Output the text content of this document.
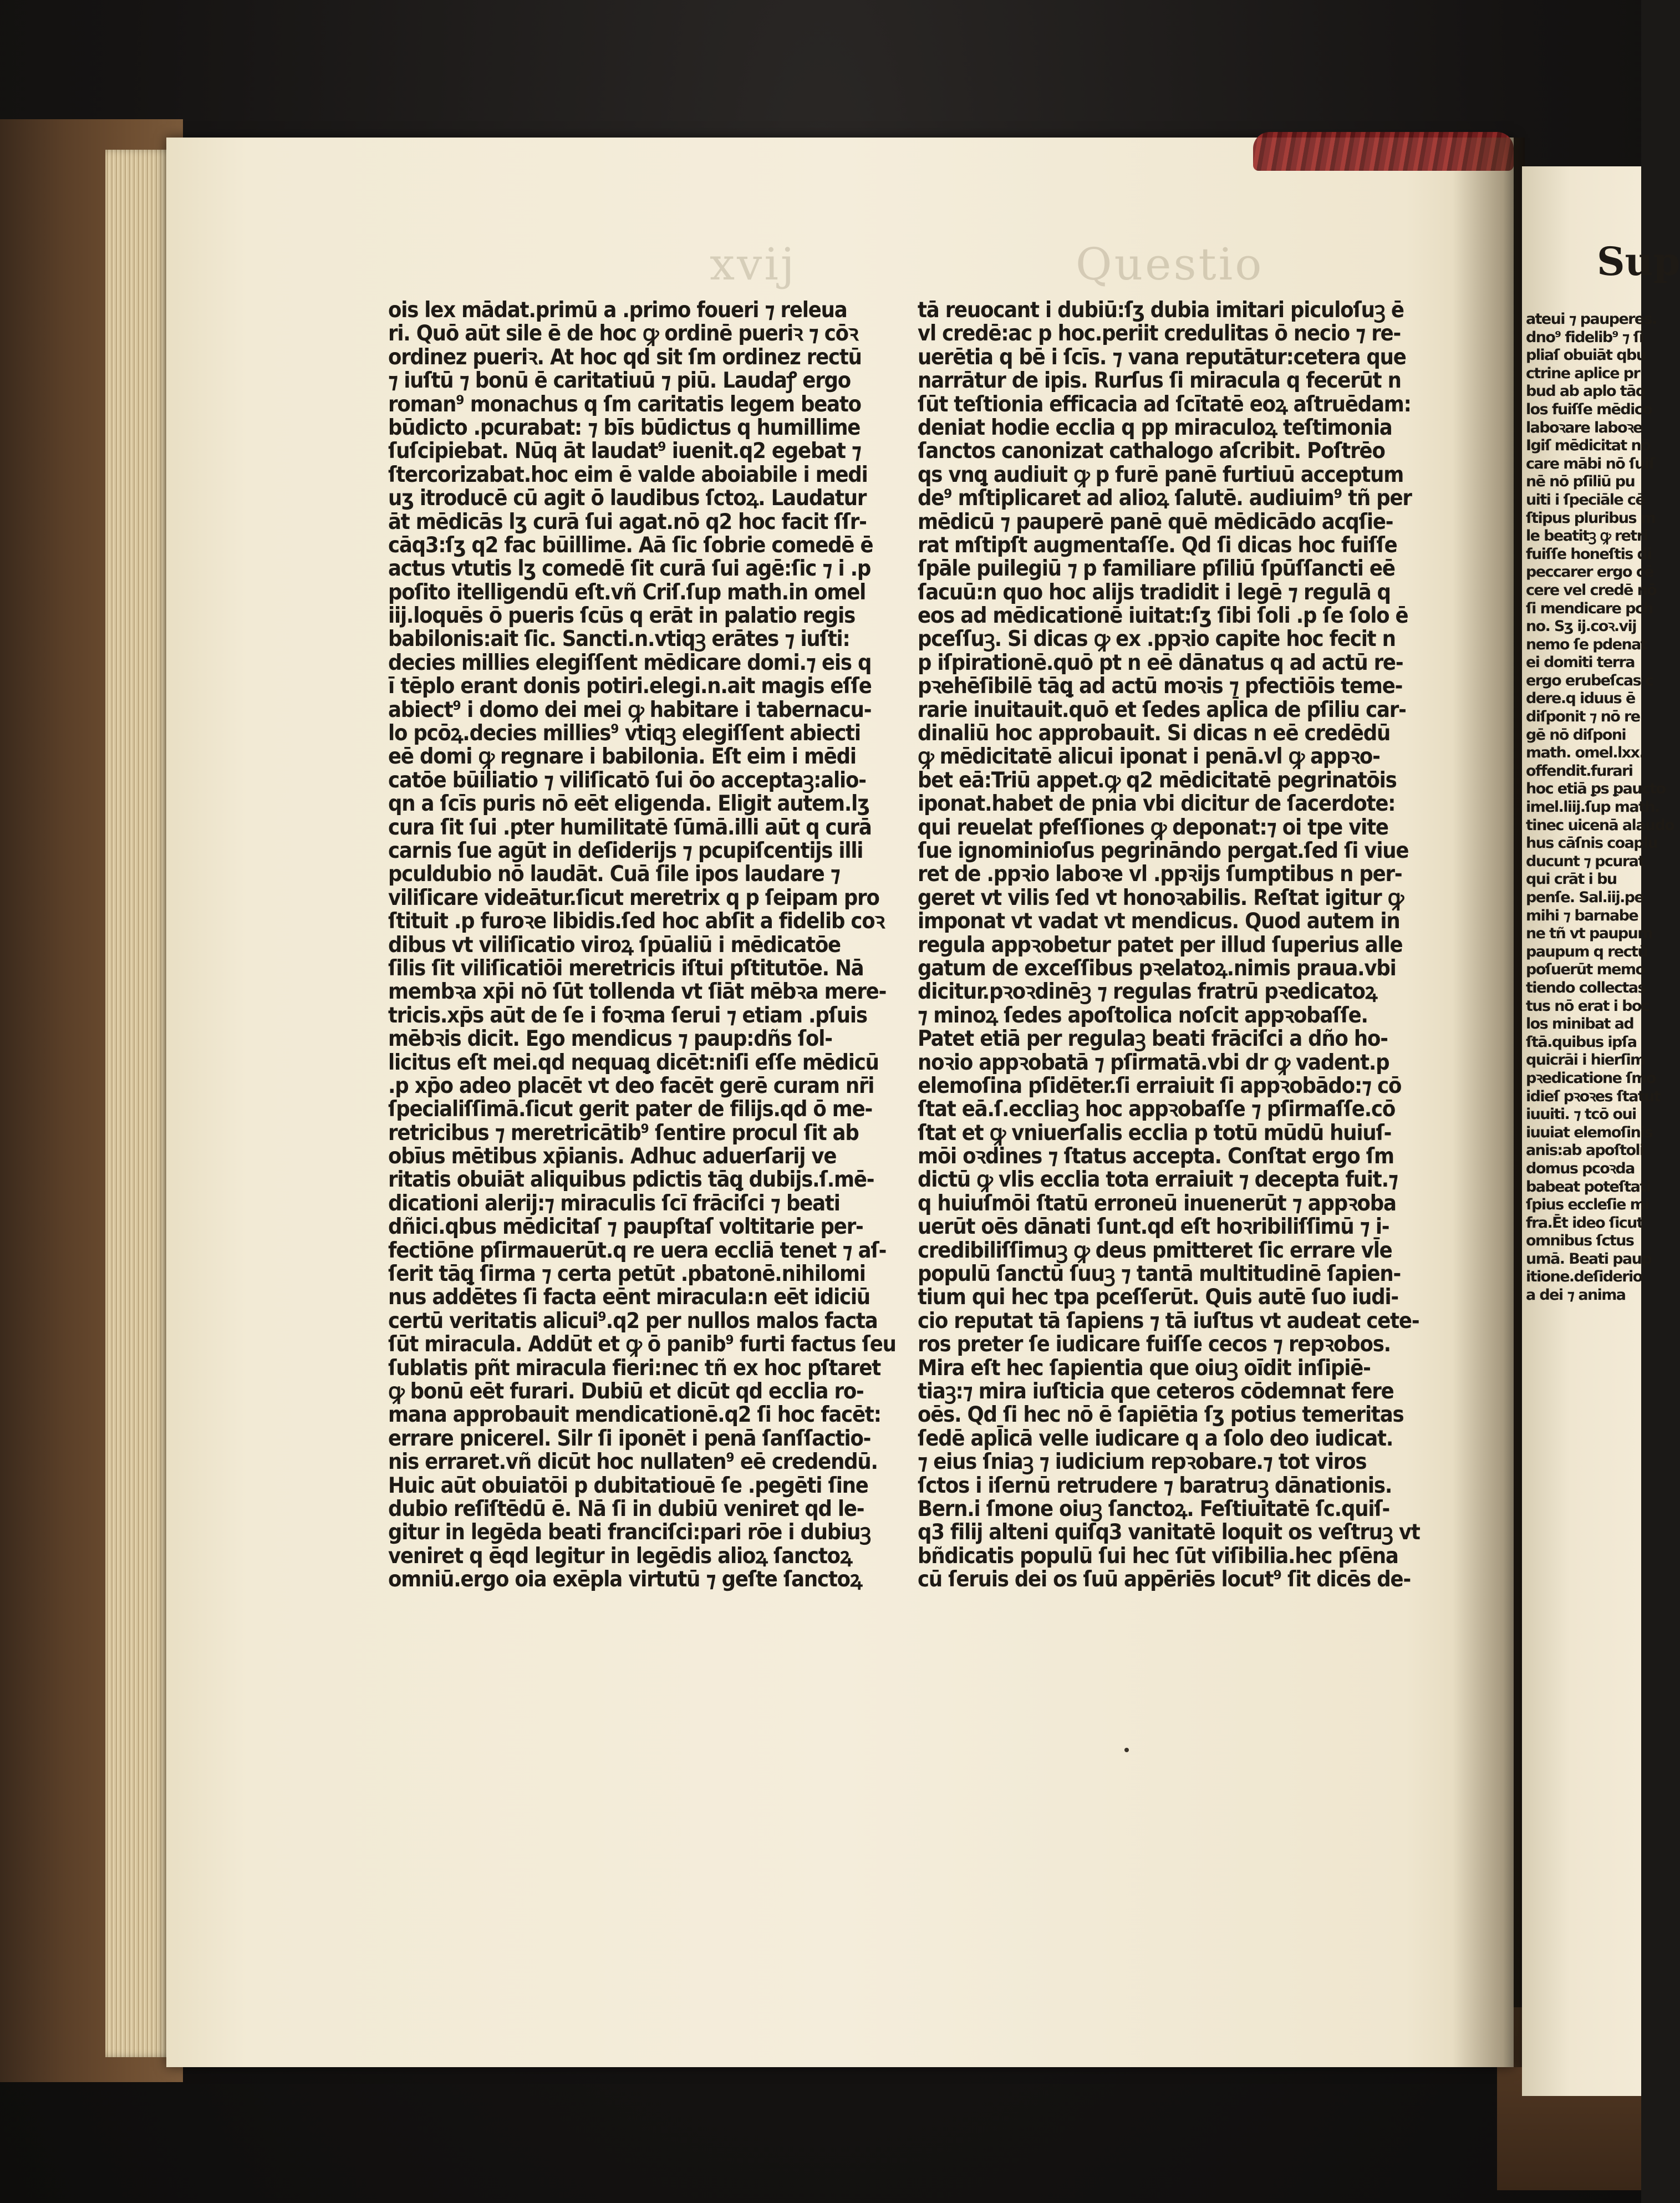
xvij	Questio
ois lex mādat.primū a .primo foueri ⁊ releua
ri. Quō aūt sile ē de hoc ꝙ ordinē pueriꝛ ⁊ cōꝛ
ordinez pueriꝛ. At hoc qd sit ſm ordinez rectū
⁊ iuſtū ⁊ bonū ē caritatiuū ⁊ piū. Laudaꝭ ergo
roman⁹ monachus q ſm caritatis legem beato
būdicto .pcurabat: ⁊ bīs būdictus q humillime
ſuſcipiebat. Nūq āt laudat⁹ iuenit.q2 egebat ⁊
ſtercorizabat.hoc eim ē valde aboiabile i medi
uʒ itroducē cū agit ō laudibus ſctoꝝ. Laudatur
āt mēdicās lʒ curā ſui agat.nō q2 hoc facit ſſr-
cāq3:ſʒ q2 fac būillime. Aā ſic ſobrie comedē ē
actus vtutis lʒ comedē ſit curā ſui agē:ſic ⁊ i .p
poſito itelligendū eſt.vñ Criſ.ſup math.in omel
iij.loquēs ō pueris ſcūs q erāt in palatio regis
babilonis:ait ſic. Sancti.n.vtiqꝫ erātes ⁊ iuſti:
decies millies elegiſſent mēdicare domi.⁊ eis q
ī tēplo erant donis potiri.elegi.n.ait magis eſſe
abiect⁹ i domo dei mei ꝙ habitare i tabernacu-
lo pcōꝝ.decies millies⁹ vtiqꝫ elegiſſent abiecti
eē domi ꝙ regnare i babilonia. Eſt eim i mēdi
catōe būiliatio ⁊ viliſicatō ſui ōo acceptaꝫ:alio-
qn a ſcīs puris nō eēt eligenda. Eligit autem.lʒ
cura ſit ſui .pter humilitatē ſūmā.illi aūt q curā
carnis ſue agūt in deſiderijs ⁊ pcupiſcentijs illi
pculdubio nō laudāt. Cuā ſile ipos laudare ⁊
viliſicare videātur.ſicut meretrix q p ſeipam pro
ſtituit .p furoꝛe libidis.ſed hoc abſit a fidelib coꝛ
dibus vt viliſicatio viroꝝ ſpūaliū i mēdicatōe
ſilis ſit viliſicatiōi meretricis iſtui pſtitutōe. Nā
membꝛa xp̄i nō ſūt tollenda vt ſiāt mēbꝛa mere-
tricis.xp̄s aūt de ſe i foꝛma ſerui ⁊ etiam .pſuis
mēbꝛis dicit. Ego mendicus ⁊ paup:dñs ſol-
licitus eſt mei.qd nequaꝗ dicēt:niſi eſſe mēdicū
.p xp̄o adeo placēt vt deo facēt gerē curam nr̄i
ſpecialiſſimā.ſicut gerit pater de filijs.qd ō me-
retricibus ⁊ meretricātib⁹ ſentire procul ſit ab
obīus mētibus xp̄ianis. Adhuc aduerſarij ve
ritatis obuiāt aliquibus pdictis tāꝗ dubijs.ſ.mē-
dicationi alerij:⁊ miraculis ſcī frāciſci ⁊ beati
dñici.qbus mēdicitaſ ⁊ paupſtaſ voltitarie per-
fectiōne pſirmauerūt.q re uera eccliā tenet ⁊ aſ-
ſerit tāꝗ ſirma ⁊ certa petūt .pbatonē.nihilomi
nus addētes ſi facta eēnt miracula:n eēt idiciū
certū veritatis alicui⁹.q2 per nullos malos facta
ſūt miracula. Addūt et ꝙ ō panib⁹ furti factus ſeu
ſublatis pñt miracula fieri:nec tñ ex hoc pſtaret
ꝙ bonū eēt furari. Dubiū et dicūt qd ecclia ro-
mana approbauit mendicationē.q2 ſi hoc facēt:
errare pnicerel. Silr ſi iponēt i penā ſanſſactio-
nis erraret.vñ dicūt hoc nullaten⁹ eē credendū.
Huic aūt obuiatōi p dubitatiouē ſe .pegēti ſine
dubio reſiſtēdū ē. Nā ſi in dubiū veniret qd le-
gitur in legēda beati franciſci:pari rōe i dubiuꝫ
veniret q ēqd legitur in legēdis alioꝝ ſanctoꝝ
omniū.ergo oia exēpla virtutū ⁊ geſte ſanctoꝝ
tā reuocant i dubiū:ſʒ dubia imitari piculoſuꝫ ē
vl credē:ac p hoc.periit credulitas ō necio ⁊ re-
uerētia q bē i ſcīs. ⁊ vana reputātur:cetera que
narrātur de ipis. Rurſus ſi miracula q fecerūt n
ſūt teſtionia efficacia ad ſcītatē eoꝝ aſtruēdam:
deniat hodie ecclia q pp miraculoꝝ teſtimonia
ſanctos canonizat cathalogo aſcribit. Poſtrēo
qs vnꝗ audiuit ꝙ p furē panē furtiuū acceptum
de⁹ mſtiplicaret ad alioꝝ ſalutē. audiuim⁹ tñ per
mēdicū ⁊ pauperē panē quē mēdicādo acqſie-
rat mſtipſt augmentaſſe. Qd ſi dicas hoc fuiſſe
ſpāle puilegiū ⁊ p familiare pſiliū ſpūſſancti eē
ſacuū:n quo hoc alijs tradidit i legē ⁊ regulā q
eos ad mēdicationē iuitat:ſʒ ſibi ſoli .p ſe ſolo ē
pceſſuꝫ. Si dicas ꝙ ex .ppꝛio capite hoc fecit n
p iſpirationē.quō pt n eē dānatus q ad actū re-
pꝛehēſibilē tāꝗ ad actū moꝛis ⁊ pfectiōis teme-
rarie inuitauit.quō et ſedes apl̄ica de pſiliu car-
dinaliū hoc approbauit. Si dicas n eē credēdū
ꝙ mēdicitatē alicui iponat i penā.vl ꝙ appꝛo-
bet eā:Triū appet.ꝙ q2 mēdicitatē pegrinatōis
iponat.habet de pnia vbi dicitur de ſacerdote:
qui reuelat pfeſſiones ꝙ deponat:⁊ oi tpe vite
ſue ignominioſus pegrināndo pergat.ſed ſi viue
ret de .ppꝛio laboꝛe vl .ppꝛijs ſumptibus n per-
geret vt vilis ſed vt honoꝛabilis. Reſtat igitur ꝙ
imponat vt vadat vt mendicus. Quod autem in
regula appꝛobetur patet per illud ſuperius alle
gatum de exceſſibus pꝛelatoꝝ.nimis praua.vbi
dicitur.pꝛoꝛdinēꝫ ⁊ regulas fratrū pꝛedicatoꝝ
⁊ minoꝝ ſedes apoſtolica noſcit appꝛobaſſe.
Patet etiā per regulaꝫ beati frāciſci a dño ho-
noꝛio appꝛobatā ⁊ pſirmatā.vbi dr ꝙ vadent.p
elemoſina pſidēter.ſi erraiuit ſi appꝛobādo:⁊ cō
ſtat eā.ſ.eccliaꝫ hoc appꝛobaſſe ⁊ pſirmaſſe.cō
ſtat et ꝙ vniuerſalis ecclia p totū mūdū huiuſ-
mōi oꝛdines ⁊ ſtatus accepta. Conſtat ergo ſm
dictū ꝙ vlis ecclia tota erraiuit ⁊ decepta fuit.⁊
q huiuſmōi ſtatū erroneū inuenerūt ⁊ appꝛoba
uerūt oēs dānati ſunt.qd eſt hoꝛribiliſſimū ⁊ i-
credibiliſſimuꝫ ꝙ deus pmitteret ſic errare vl̄e
populū ſanctū ſuuꝫ ⁊ tantā multitudinē ſapien-
tium qui hec tpa pceſſerūt. Quis autē ſuo iudi-
cio reputat tā ſapiens ⁊ tā iuſtus vt audeat cete-
ros preter ſe iudicare fuiſſe cecos ⁊ repꝛobos.
Mira eſt hec ſapientia que oiuꝫ oīdit inſipiē-
tiaꝫ:⁊ mira iuſticia que ceteros cōdemnat fere
oēs. Qd ſi hec nō ē ſapiētia ſʒ potius temeritas
ſedē apl̄icā velle iudicare q a ſolo deo iudicat.
⁊ eius ſniaꝫ ⁊ iudicium repꝛobare.⁊ tot viros
ſctos i iſernū retrudere ⁊ baratruꝫ dānationis.
Bern.i ſmone oiuꝫ ſanctoꝝ. Feſtiuitatē ſc.quiſ-
q3 filij alteni quiſq3 vanitatē loquit os veſtruꝫ vt
bñdicatis populū ſui hec ſūt viſibilia.hec pſēna
cū ſeruis dei os ſuū appēriēs locut⁹ ſit dicēs de-
Sup
ateui ⁊ pauperes.
dno⁹ fidelib⁹ ⁊ ſi
pliaſ obuiāt qbu
ctrine aplice pr
bud ab aplo tāq
los fuiſſe mēdico
laboꝛare laboꝛe
Igiſ mēdicitat nō
care mābi nō ſuiſ
nē nō pſiliū pu
uiti i ſpeciāle cē
ſtipus pluribus m
le beatitꝫ ꝙ retri
fuiſſe honeſtis di
peccarer ergo cē
cere vel credē nō
ſi mendicare pch
no. Sʒ ij.coꝛ.vij
nemo ſe pdenat
ei domiti terra
ergo erubeſcas c
dere.q iduus ē
diſponit ⁊ nō re
gē nō diſponi
math. omel.lxx.
offendit.furari
hoc etiā ꝑs ꝑaucto
imel.liij.ſup math.
tinec uicenā alaudo
hus cāſnis coaplu
ducunt ⁊ pcurat
qui crāt i bu
penſe. Sal.iij.pe
mihi ⁊ barnabe
ne tñ vt paupum
paupum q rectū
poſuerūt memo
tiendo collectas
tus nō erat i boc
los minibat ad
ſtā.quibus ipſa
quicrāi i hierſim
pꝛedicatione ſmo
idieſ pꝛoꝛes ſtatut
iuuiti. ⁊ tcō oui
iuuiat elemoſinis
anis:ab apoſtoli
domus pcoꝛda
babeat poteſtati
ſpius eccleſie mi
fra.Ēt ideo ſicut
omnibus ſctus
umā. Beati paup
itione.deſiderio
a dei ⁊ anima
